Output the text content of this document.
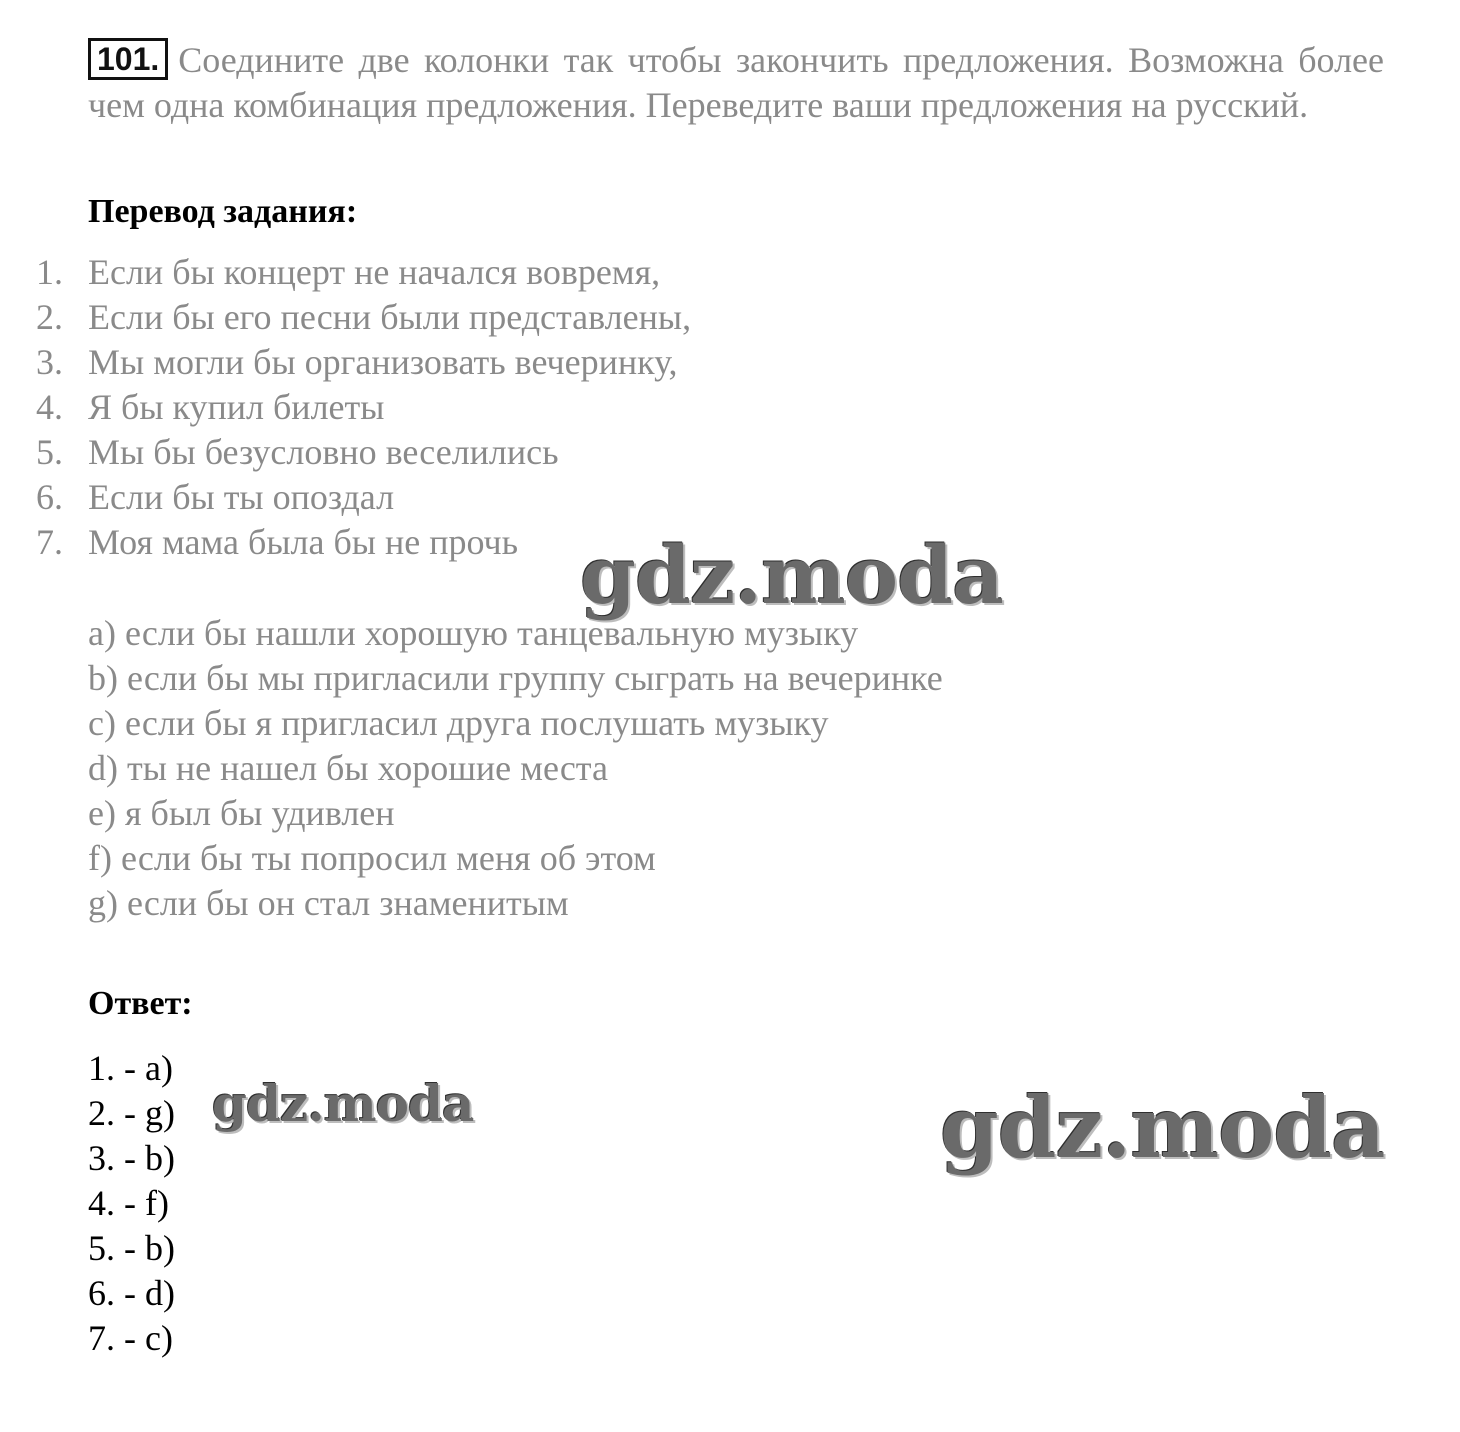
101. Соедините две колонки так чтобы закончить предложения. Возможна более чем одна комбинация предложения. Переведите ваши предложения на русский.
Перевод задания:
1. Если бы концерт не начался вовремя,
2. Если бы его песни были представлены,
3. Мы могли бы организовать вечеринку,
4. Я бы купил билеты
5. Мы бы безусловно веселились
6. Если бы ты опоздал
7. Моя мама была бы не прочь
a) если бы нашли хорошую танцевальную музыку
b) если бы мы пригласили группу сыграть на вечеринке
c) если бы я пригласил друга послушать музыку
d) ты не нашел бы хорошие места
e) я был бы удивлен
f) если бы ты попросил меня об этом
g) если бы он стал знаменитым
Ответ:
1. - a)
2. - g)
3. - b)
4. - f)
5. - b)
6. - d)
7. - c)
gdz.moda
gdz.moda	gdz.moda
